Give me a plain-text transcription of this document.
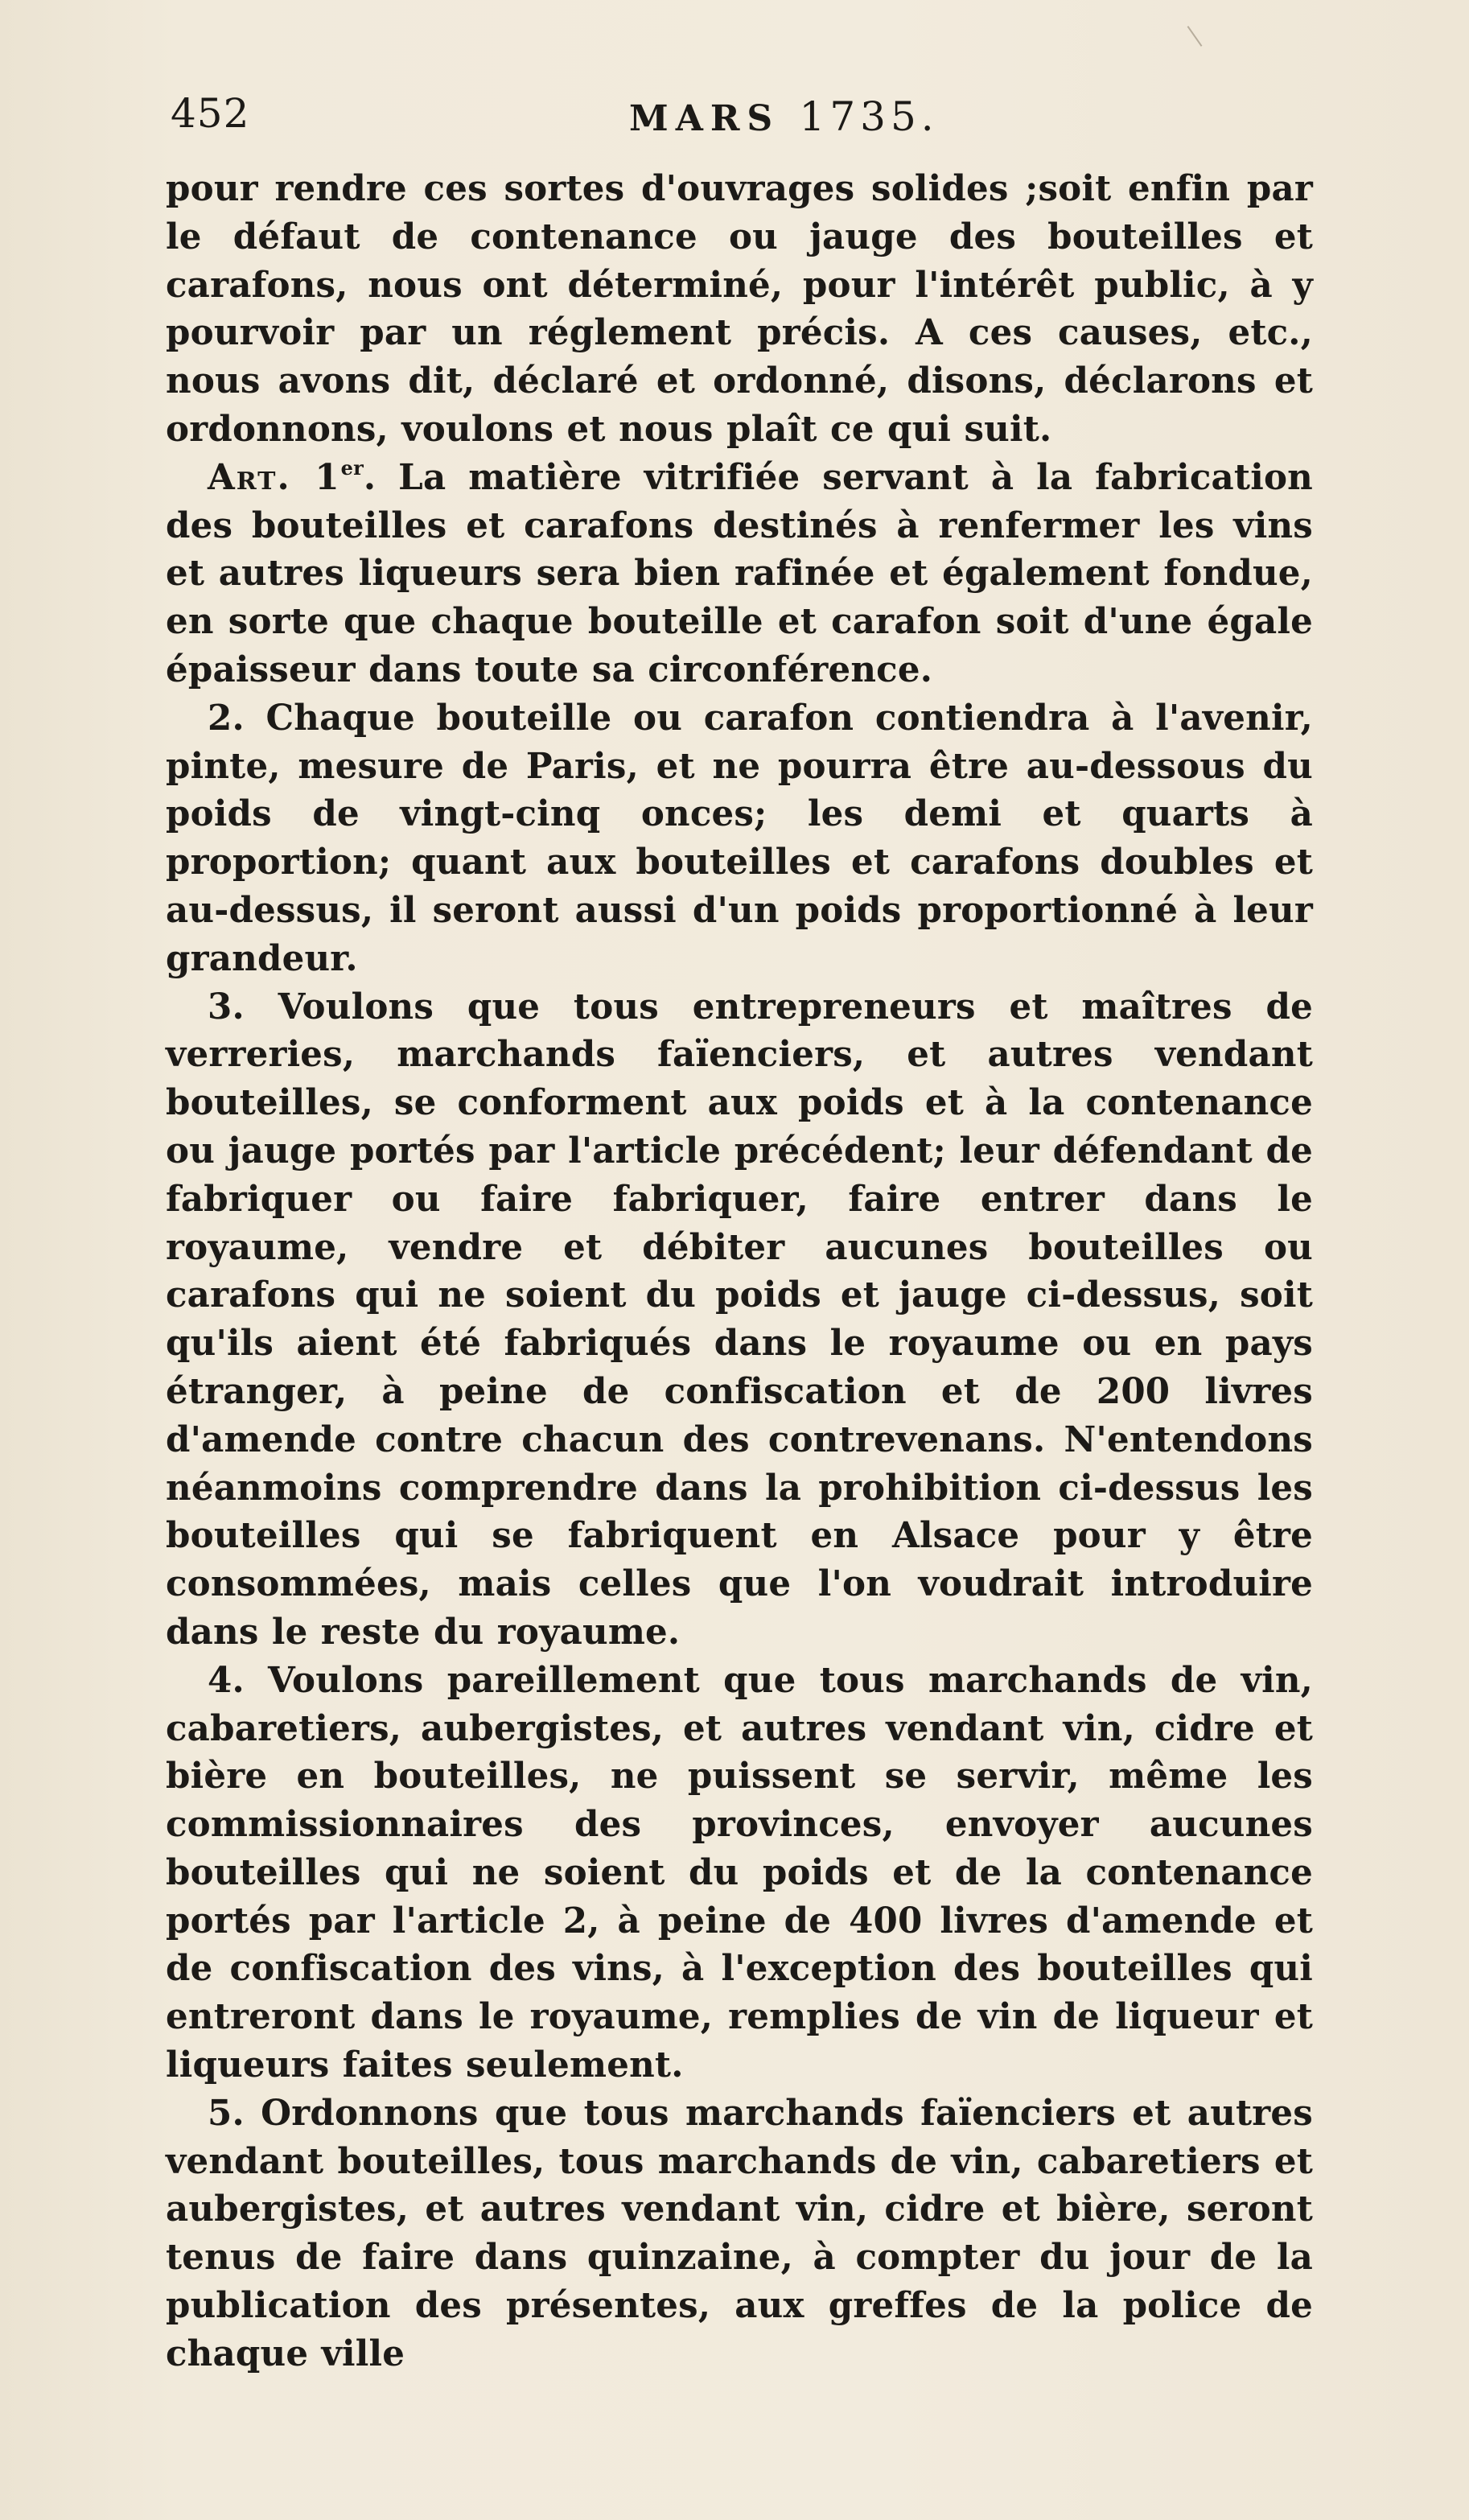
452	MARS 1735.

pour rendre ces sortes d'ouvrages solides ;soit enfin par le défaut de contenance ou jauge des bouteilles et carafons, nous ont déterminé, pour l'intérêt public, à y pourvoir par un réglement précis. A ces causes, etc., nous avons dit, déclaré et ordonné, disons, déclarons et ordonnons, voulons et nous plaît ce qui suit.

Art. 1er. La matière vitrifiée servant à la fabrication des bouteilles et carafons destinés à renfermer les vins et autres liqueurs sera bien rafinée et également fondue, en sorte que chaque bouteille et carafon soit d'une égale épaisseur dans toute sa circonférence.

2. Chaque bouteille ou carafon contiendra à l'avenir, pinte, mesure de Paris, et ne pourra être au-dessous du poids de vingt-cinq onces; les demi et quarts à proportion; quant aux bouteilles et carafons doubles et au-dessus, il seront aussi d'un poids proportionné à leur grandeur.

3. Voulons que tous entrepreneurs et maîtres de verreries, marchands faïenciers, et autres vendant bouteilles, se conforment aux poids et à la contenance ou jauge portés par l'article précédent; leur défendant de fabriquer ou faire fabriquer, faire entrer dans le royaume, vendre et débiter aucunes bouteilles ou carafons qui ne soient du poids et jauge ci-dessus, soit qu'ils aient été fabriqués dans le royaume ou en pays étranger, à peine de confiscation et de 200 livres d'amende contre chacun des contrevenans. N'entendons néanmoins comprendre dans la prohibition ci-dessus les bouteilles qui se fabriquent en Alsace pour y être consommées, mais celles que l'on voudrait introduire dans le reste du royaume.

4. Voulons pareillement que tous marchands de vin, cabaretiers, aubergistes, et autres vendant vin, cidre et bière en bouteilles, ne puissent se servir, même les commissionnaires des provinces, envoyer aucunes bouteilles qui ne soient du poids et de la contenance portés par l'article 2, à peine de 400 livres d'amende et de confiscation des vins, à l'exception des bouteilles qui entreront dans le royaume, remplies de vin de liqueur et liqueurs faites seulement.

5. Ordonnons que tous marchands faïenciers et autres vendant bouteilles, tous marchands de vin, cabaretiers et aubergistes, et autres vendant vin, cidre et bière, seront tenus de faire dans quinzaine, à compter du jour de la publication des présentes, aux greffes de la police de chaque ville
